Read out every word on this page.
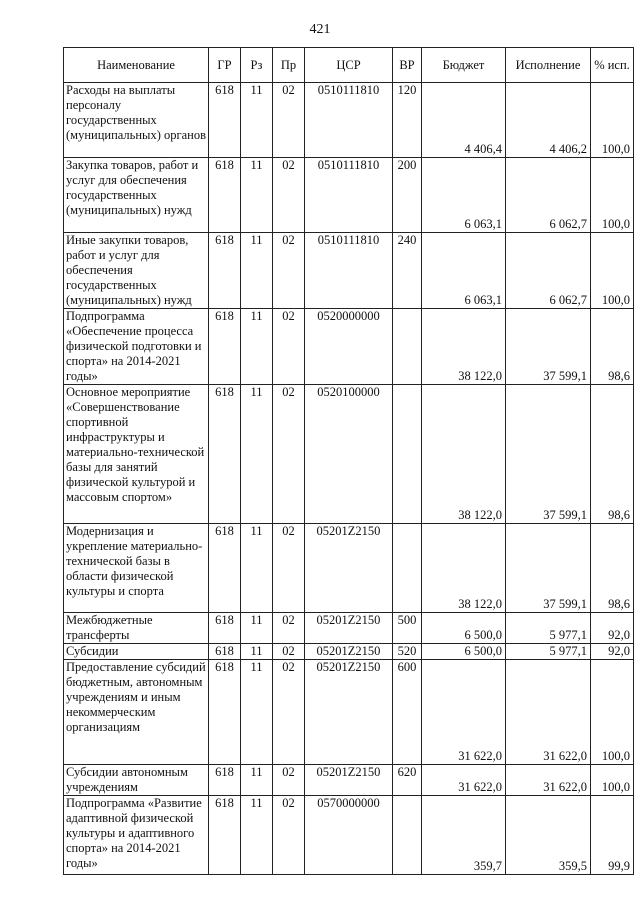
421
Наименование	ГР	Рз	Пр	ЦСР	ВР	Бюджет	Исполнение	% исп.
Расходы на выплаты персоналу государственных (муниципальных) органов	618	11	02	0510111810	120	4 406,4	4 406,2	100,0
Закупка товаров, работ и услуг для обеспечения государственных (муниципальных) нужд	618	11	02	0510111810	200	6 063,1	6 062,7	100,0
Иные закупки товаров, работ и услуг для обеспечения государственных (муниципальных) нужд	618	11	02	0510111810	240	6 063,1	6 062,7	100,0
Подпрограмма «Обеспечение процесса физической подготовки и спорта» на 2014-2021 годы»	618	11	02	0520000000		38 122,0	37 599,1	98,6
Основное мероприятие «Совершенствование спортивной инфраструктуры и материально-технической базы для занятий физической культурой и массовым спортом»	618	11	02	0520100000		38 122,0	37 599,1	98,6
Модернизация и укрепление материально-технической базы в области физической культуры и спорта	618	11	02	05201Z2150		38 122,0	37 599,1	98,6
Межбюджетные трансферты	618	11	02	05201Z2150	500	6 500,0	5 977,1	92,0
Субсидии	618	11	02	05201Z2150	520	6 500,0	5 977,1	92,0
Предоставление субсидий бюджетным, автономным учреждениям и иным некоммерческим организациям	618	11	02	05201Z2150	600	31 622,0	31 622,0	100,0
Субсидии автономным учреждениям	618	11	02	05201Z2150	620	31 622,0	31 622,0	100,0
Подпрограмма «Развитие адаптивной физической культуры и адаптивного спорта» на 2014-2021 годы»	618	11	02	0570000000		359,7	359,5	99,9
